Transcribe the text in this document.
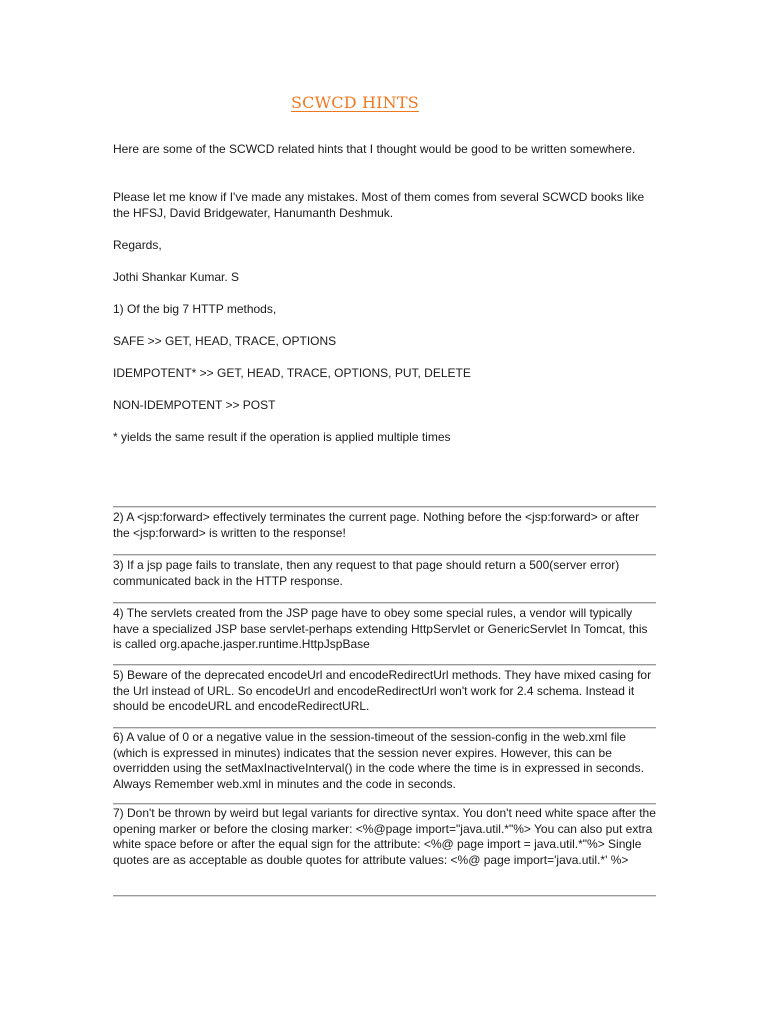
SCWCD HINTS
Here are some of the SCWCD related hints that I thought would be good to be written somewhere.
Please let me know if I've made any mistakes. Most of them comes from several SCWCD books like the HFSJ, David Bridgewater, Hanumanth Deshmuk.
Regards,
Jothi Shankar Kumar. S
1) Of the big 7 HTTP methods,
SAFE >> GET, HEAD, TRACE, OPTIONS
IDEMPOTENT* >> GET, HEAD, TRACE, OPTIONS, PUT, DELETE
NON-IDEMPOTENT >> POST
* yields the same result if the operation is applied multiple times
2) A <jsp:forward> effectively terminates the current page. Nothing before the <jsp:forward> or after the <jsp:forward> is written to the response!
3) If a jsp page fails to translate, then any request to that page should return a 500(server error) communicated back in the HTTP response.
4) The servlets created from the JSP page have to obey some special rules, a vendor will typically have a specialized JSP base servlet-perhaps extending HttpServlet or GenericServlet In Tomcat, this is called org.apache.jasper.runtime.HttpJspBase
5) Beware of the deprecated encodeUrl and encodeRedirectUrl methods. They have mixed casing for the Url instead of URL. So encodeUrl and encodeRedirectUrl won't work for 2.4 schema. Instead it should be encodeURL and encodeRedirectURL.
6) A value of 0 or a negative value in the session-timeout of the session-config in the web.xml file (which is expressed in minutes) indicates that the session never expires. However, this can be overridden using the setMaxInactiveInterval() in the code where the time is in expressed in seconds. Always Remember web.xml in minutes and the code in seconds.
7) Don't be thrown by weird but legal variants for directive syntax. You don't need white space after the opening marker or before the closing marker: <%@page import="java.util.*"%> You can also put extra white space before or after the equal sign for the attribute: <%@ page import = java.util.*"%> Single quotes are as acceptable as double quotes for attribute values: <%@ page import='java.util.*' %>
